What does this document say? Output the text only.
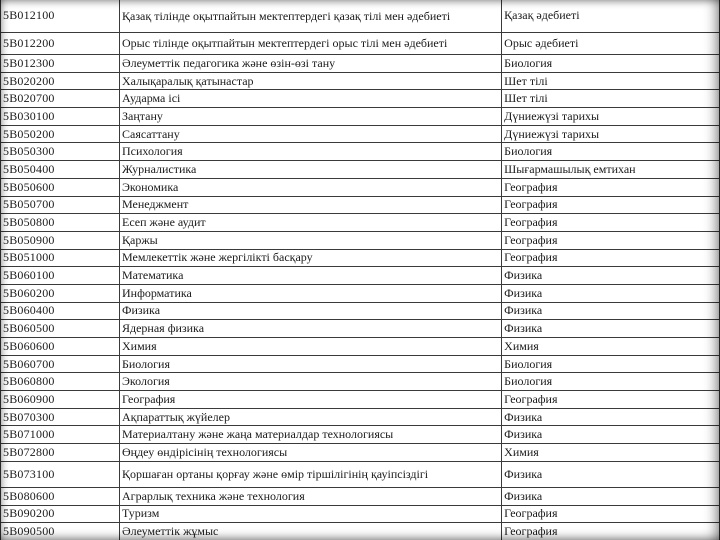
5В012100	Қазақ тілінде оқытпайтын мектептердегі қазақ тілі мен әдебиеті	Қазақ әдебиеті
5В012200	Орыс тілінде оқытпайтын мектептердегі орыс тілі мен әдебиеті	Орыс әдебиеті
5В012300	Әлеуметтік педагогика және өзін-өзі тану	Биология
5В020200	Халықаралық қатынастар	Шет тілі
5В020700	Аударма ісі	Шет тілі
5В030100	Заңтану	Дүниежүзі тарихы
5В050200	Саясаттану	Дүниежүзі тарихы
5В050300	Психология	Биология
5В050400	Журналистика	Шығармашылық емтихан
5В050600	Экономика	География
5В050700	Менеджмент	География
5В050800	Есеп және аудит	География
5В050900	Қаржы	География
5В051000	Мемлекеттік және жергілікті басқару	География
5В060100	Математика	Физика
5В060200	Информатика	Физика
5В060400	Физика	Физика
5В060500	Ядерная физика	Физика
5В060600	Химия	Химия
5В060700	Биология	Биология
5В060800	Экология	Биология
5В060900	География	География
5В070300	Ақпараттық жүйелер	Физика
5В071000	Материалтану және жаңа материалдар технологиясы	Физика
5В072800	Өңдеу өндірісінің технологиясы	Химия
5В073100	Қоршаған ортаны қорғау және өмір тіршілігінің қауіпсіздігі	Физика
5В080600	Аграрлық техника және технология	Физика
5В090200	Туризм	География
5В090500	Әлеуметтік жұмыс	География
